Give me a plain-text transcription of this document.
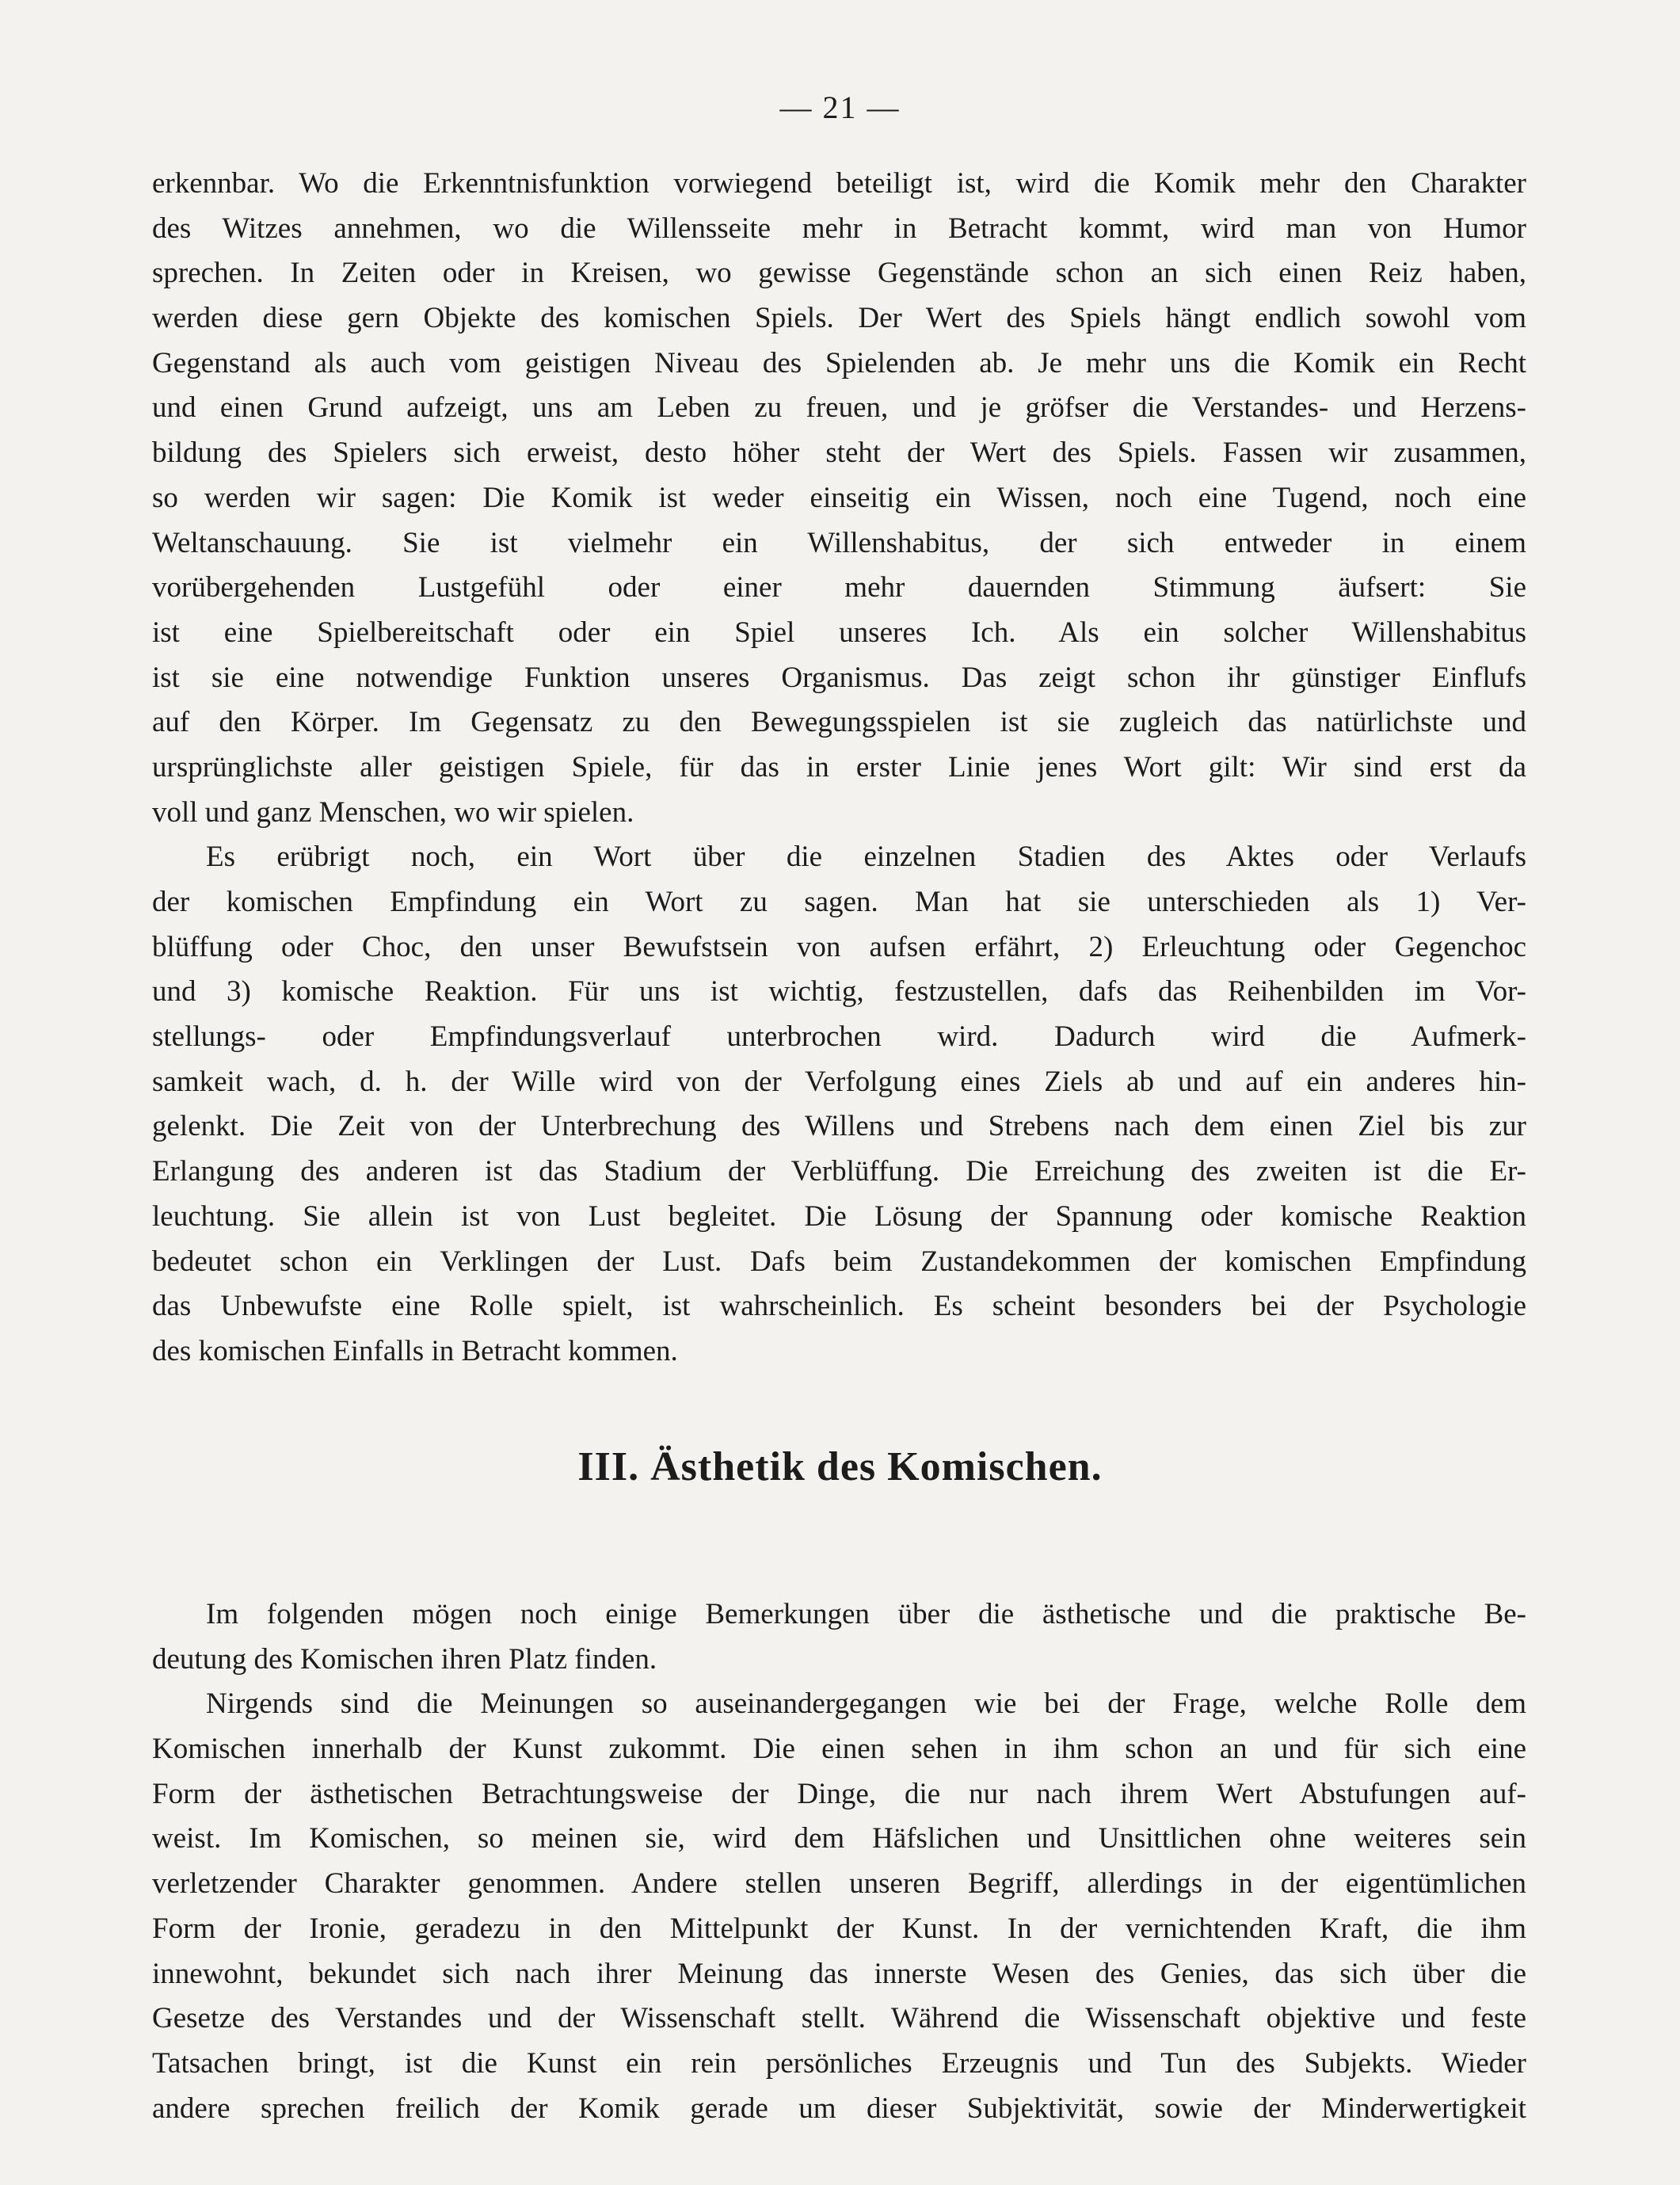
— 21 —
erkennbar. Wo die Erkenntnisfunktion vorwiegend beteiligt ist, wird die Komik mehr den Charakter
des Witzes annehmen, wo die Willensseite mehr in Betracht kommt, wird man von Humor
sprechen. In Zeiten oder in Kreisen, wo gewisse Gegenstände schon an sich einen Reiz haben,
werden diese gern Objekte des komischen Spiels. Der Wert des Spiels hängt endlich sowohl vom
Gegenstand als auch vom geistigen Niveau des Spielenden ab. Je mehr uns die Komik ein Recht
und einen Grund aufzeigt, uns am Leben zu freuen, und je gröfser die Verstandes- und Herzens-
bildung des Spielers sich erweist, desto höher steht der Wert des Spiels. Fassen wir zusammen,
so werden wir sagen: Die Komik ist weder einseitig ein Wissen, noch eine Tugend, noch eine
Weltanschauung. Sie ist vielmehr ein Willenshabitus, der sich entweder in einem
vorübergehenden Lustgefühl oder einer mehr dauernden Stimmung äufsert: Sie
ist eine Spielbereitschaft oder ein Spiel unseres Ich. Als ein solcher Willenshabitus
ist sie eine notwendige Funktion unseres Organismus. Das zeigt schon ihr günstiger Einflufs
auf den Körper. Im Gegensatz zu den Bewegungsspielen ist sie zugleich das natürlichste und
ursprünglichste aller geistigen Spiele, für das in erster Linie jenes Wort gilt: Wir sind erst da
voll und ganz Menschen, wo wir spielen.
Es erübrigt noch, ein Wort über die einzelnen Stadien des Aktes oder Verlaufs
der komischen Empfindung ein Wort zu sagen. Man hat sie unterschieden als 1) Ver-
blüffung oder Choc, den unser Bewufstsein von aufsen erfährt, 2) Erleuchtung oder Gegenchoc
und 3) komische Reaktion. Für uns ist wichtig, festzustellen, dafs das Reihenbilden im Vor-
stellungs- oder Empfindungsverlauf unterbrochen wird. Dadurch wird die Aufmerk-
samkeit wach, d. h. der Wille wird von der Verfolgung eines Ziels ab und auf ein anderes hin-
gelenkt. Die Zeit von der Unterbrechung des Willens und Strebens nach dem einen Ziel bis zur
Erlangung des anderen ist das Stadium der Verblüffung. Die Erreichung des zweiten ist die Er-
leuchtung. Sie allein ist von Lust begleitet. Die Lösung der Spannung oder komische Reaktion
bedeutet schon ein Verklingen der Lust. Dafs beim Zustandekommen der komischen Empfindung
das Unbewufste eine Rolle spielt, ist wahrscheinlich. Es scheint besonders bei der Psychologie
des komischen Einfalls in Betracht kommen.
III. Ästhetik des Komischen.
Im folgenden mögen noch einige Bemerkungen über die ästhetische und die praktische Be-
deutung des Komischen ihren Platz finden.
Nirgends sind die Meinungen so auseinandergegangen wie bei der Frage, welche Rolle dem
Komischen innerhalb der Kunst zukommt. Die einen sehen in ihm schon an und für sich eine
Form der ästhetischen Betrachtungsweise der Dinge, die nur nach ihrem Wert Abstufungen auf-
weist. Im Komischen, so meinen sie, wird dem Häfslichen und Unsittlichen ohne weiteres sein
verletzender Charakter genommen. Andere stellen unseren Begriff, allerdings in der eigentümlichen
Form der Ironie, geradezu in den Mittelpunkt der Kunst. In der vernichtenden Kraft, die ihm
innewohnt, bekundet sich nach ihrer Meinung das innerste Wesen des Genies, das sich über die
Gesetze des Verstandes und der Wissenschaft stellt. Während die Wissenschaft objektive und feste
Tatsachen bringt, ist die Kunst ein rein persönliches Erzeugnis und Tun des Subjekts. Wieder
andere sprechen freilich der Komik gerade um dieser Subjektivität, sowie der Minderwertigkeit
